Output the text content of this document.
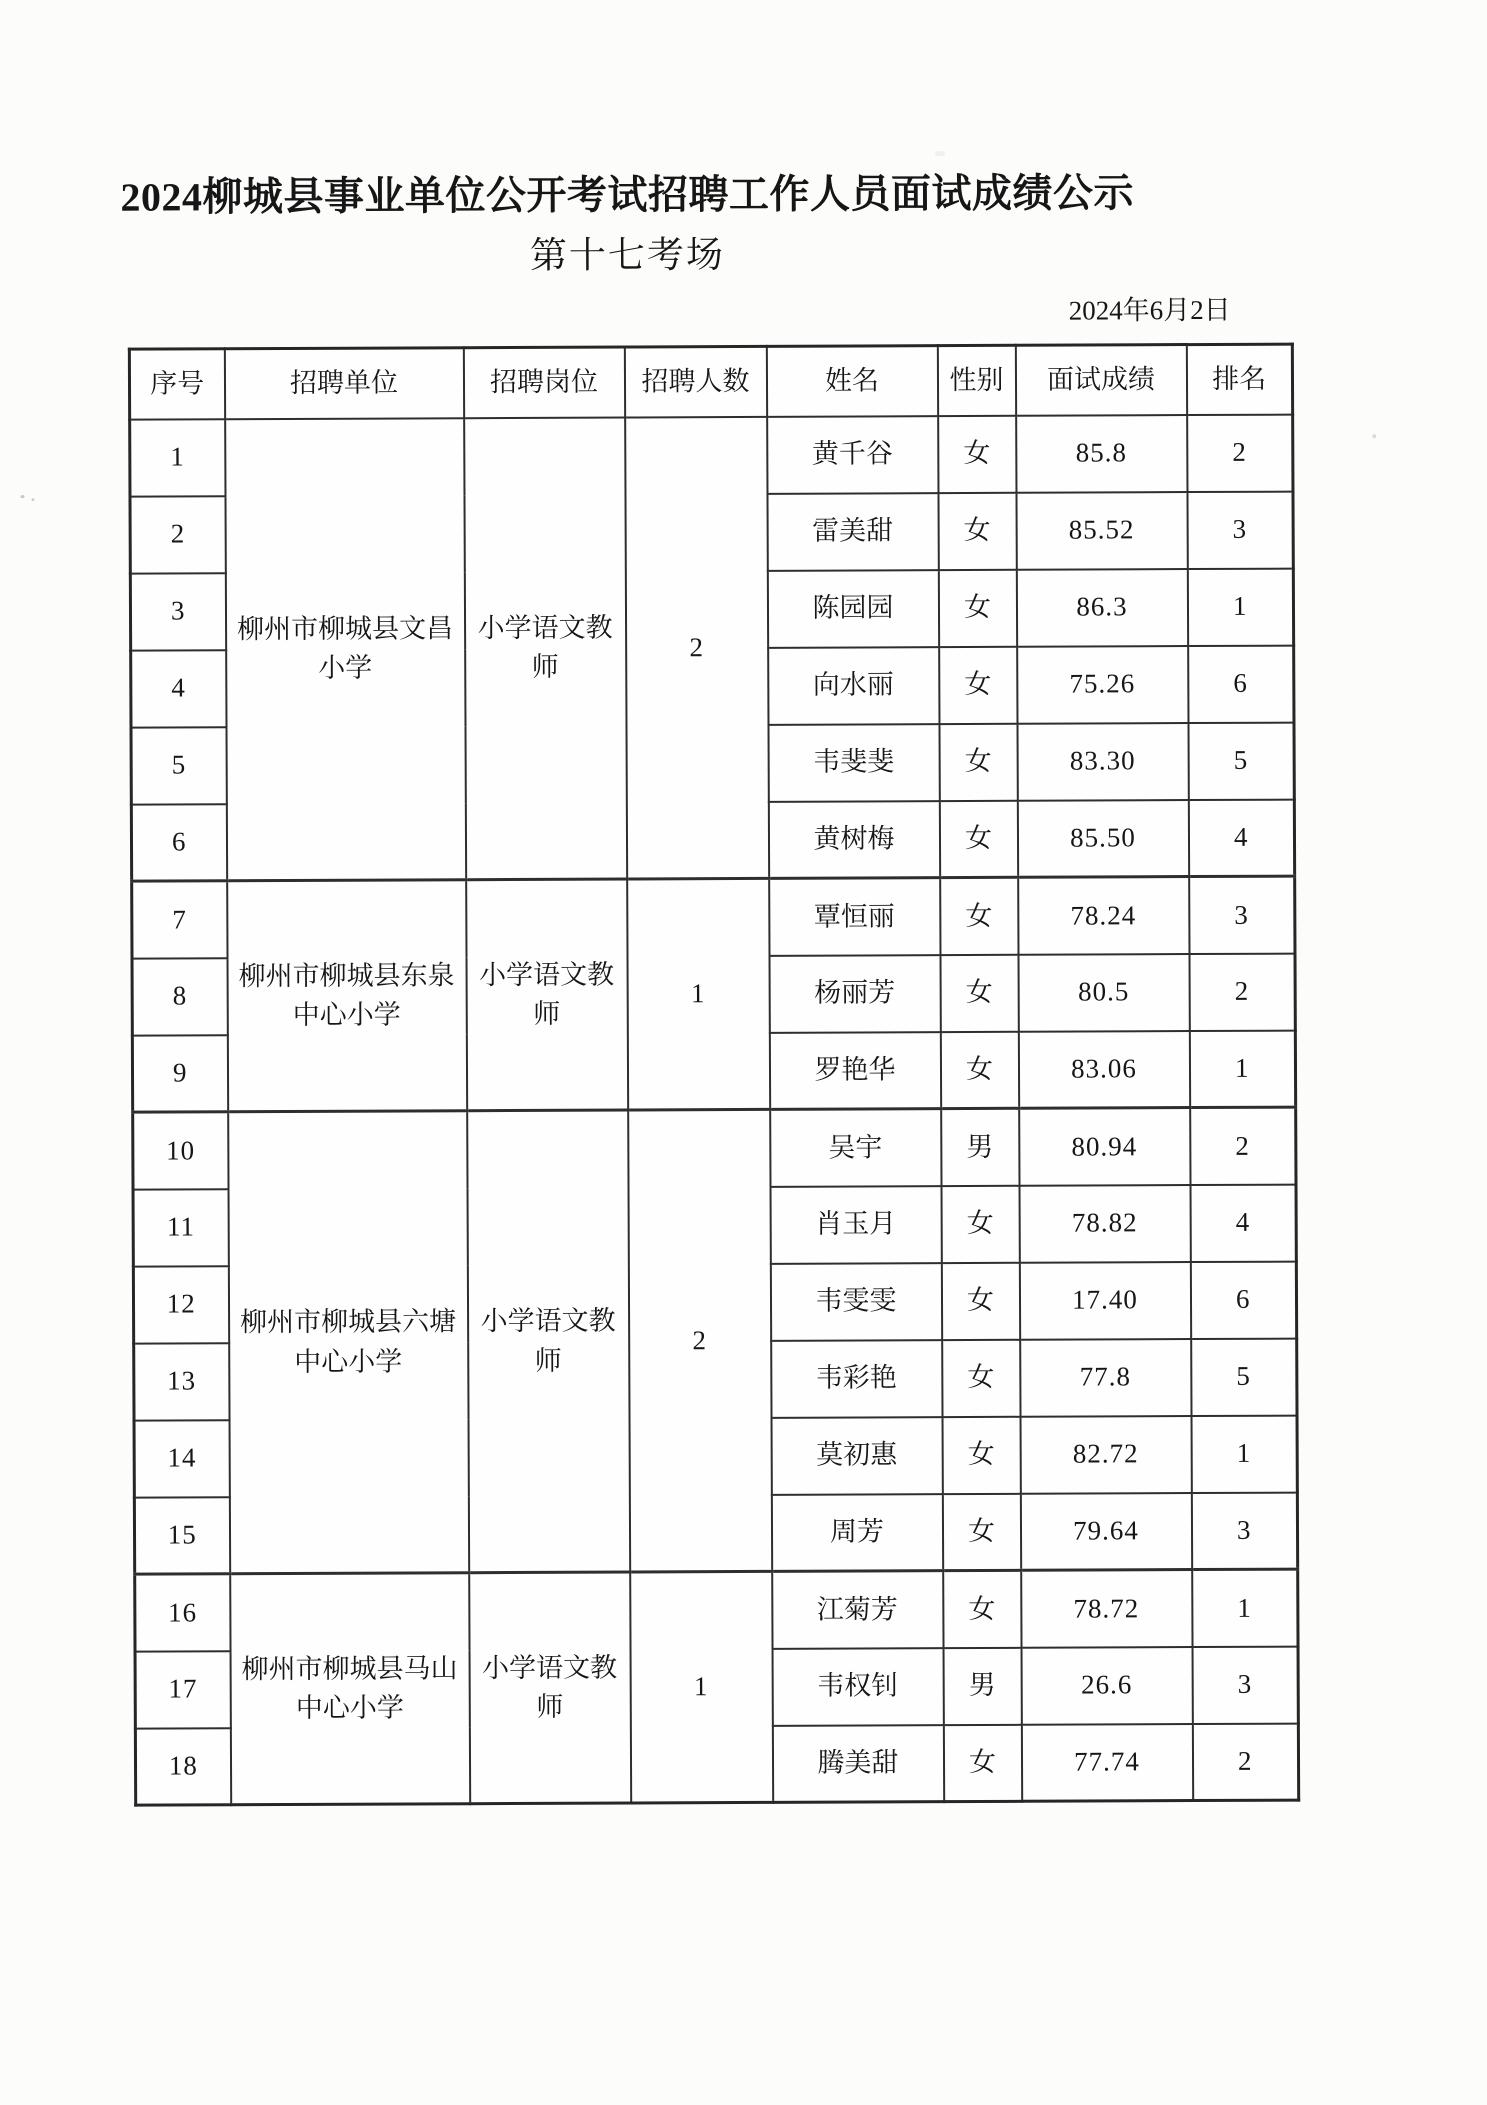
2024柳城县事业单位公开考试招聘工作人员面试成绩公示
第十七考场
2024年6月2日
序号	招聘单位	招聘岗位	招聘人数	姓名	性别	面试成绩	排名
1	柳州市柳城县文昌小学	小学语文教师	2	黄千谷	女	85.8	2
2				雷美甜	女	85.52	3
3				陈园园	女	86.3	1
4				向水丽	女	75.26	6
5				韦斐斐	女	83.30	5
6				黄树梅	女	85.50	4
7	柳州市柳城县东泉中心小学	小学语文教师	1	覃恒丽	女	78.24	3
8				杨丽芳	女	80.5	2
9				罗艳华	女	83.06	1
10	柳州市柳城县六塘中心小学	小学语文教师	2	吴宇	男	80.94	2
11				肖玉月	女	78.82	4
12				韦雯雯	女	17.40	6
13				韦彩艳	女	77.8	5
14				莫初惠	女	82.72	1
15				周芳	女	79.64	3
16	柳州市柳城县马山中心小学	小学语文教师	1	江菊芳	女	78.72	1
17				韦权钊	男	26.6	3
18				腾美甜	女	77.74	2
